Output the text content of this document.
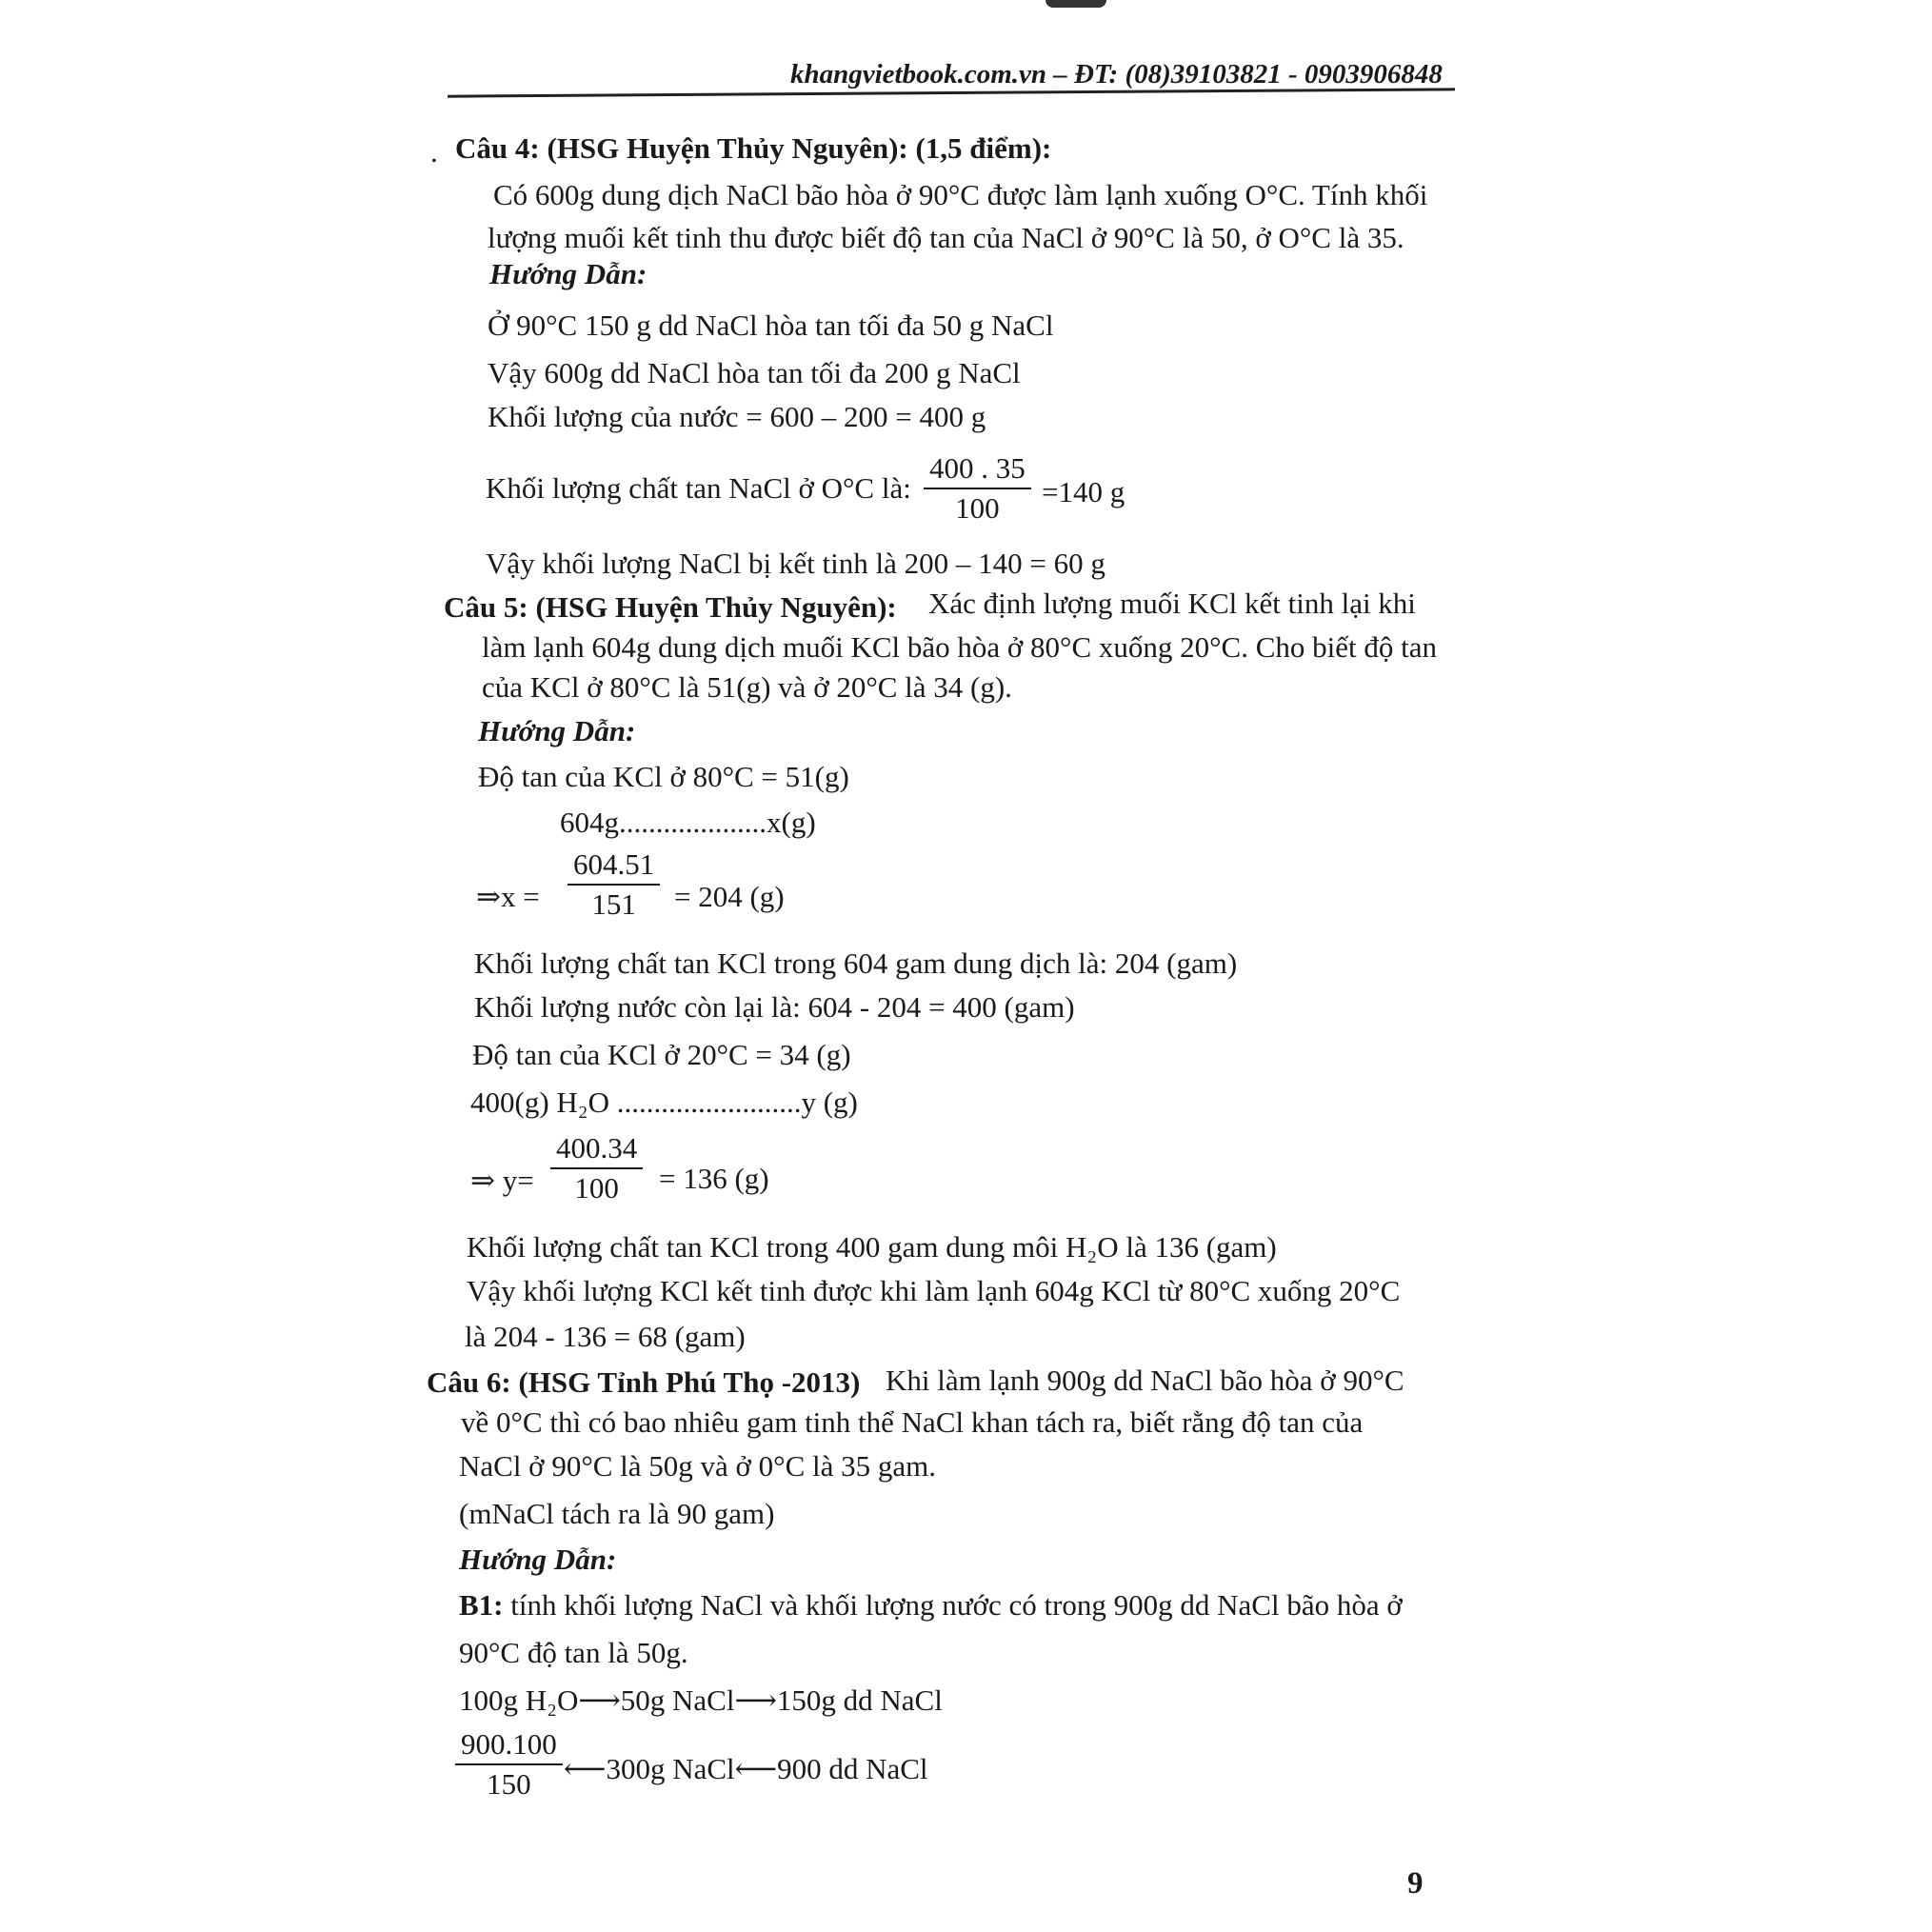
khangvietbook.com.vn – ĐT: (08)39103821 - 0903906848
. Câu 4: (HSG Huyện Thủy Nguyên): (1,5 điểm):
Có 600g dung dịch NaCl bão hòa ở 90°C được làm lạnh xuống O°C. Tính khối
lượng muối kết tinh thu được biết độ tan của NaCl ở 90°C là 50, ở O°C là 35.
Hướng Dẫn:
Ở 90°C 150 g dd NaCl hòa tan tối đa 50 g NaCl
Vậy 600g dd NaCl hòa tan tối đa 200 g NaCl
Khối lượng của nước = 600 – 200 = 400 g
Khối lượng chất tan NaCl ở O°C là:
400 . 35
100 =140 g
Vậy khối lượng NaCl bị kết tinh là 200 – 140 = 60 g
Câu 5: (HSG Huyện Thủy Nguyên): Xác định lượng muối KCl kết tinh lại khi
làm lạnh 604g dung dịch muối KCl bão hòa ở 80°C xuống 20°C. Cho biết độ tan
của KCl ở 80°C là 51(g) và ở 20°C là 34 (g).
Hướng Dẫn:
Độ tan của KCl ở 80°C = 51(g)
604g....................x(g)
⇒x =
604.51
151 = 204 (g)
Khối lượng chất tan KCl trong 604 gam dung dịch là: 204 (gam)
Khối lượng nước còn lại là: 604 - 204 = 400 (gam)
Độ tan của KCl ở 20°C = 34 (g)
400(g) H₂O .........................y (g)
⇒ y=
400.34
100 = 136 (g)
Khối lượng chất tan KCl trong 400 gam dung môi H₂O là 136 (gam)
Vậy khối lượng KCl kết tinh được khi làm lạnh 604g KCl từ 80°C xuống 20°C
là 204 - 136 = 68 (gam)
Câu 6: (HSG Tỉnh Phú Thọ -2013) Khi làm lạnh 900g dd NaCl bão hòa ở 90°C
về 0°C thì có bao nhiêu gam tinh thể NaCl khan tách ra, biết rằng độ tan của
NaCl ở 90°C là 50g và ở 0°C là 35 gam.
(mNaCl tách ra là 90 gam)
Hướng Dẫn:
B1: tính khối lượng NaCl và khối lượng nước có trong 900g dd NaCl bão hòa ở
90°C độ tan là 50g.
100g H₂O⟶50g NaCl⟶150g dd NaCl
900.100
150 ⟵300g NaCl⟵900 dd NaCl
9
